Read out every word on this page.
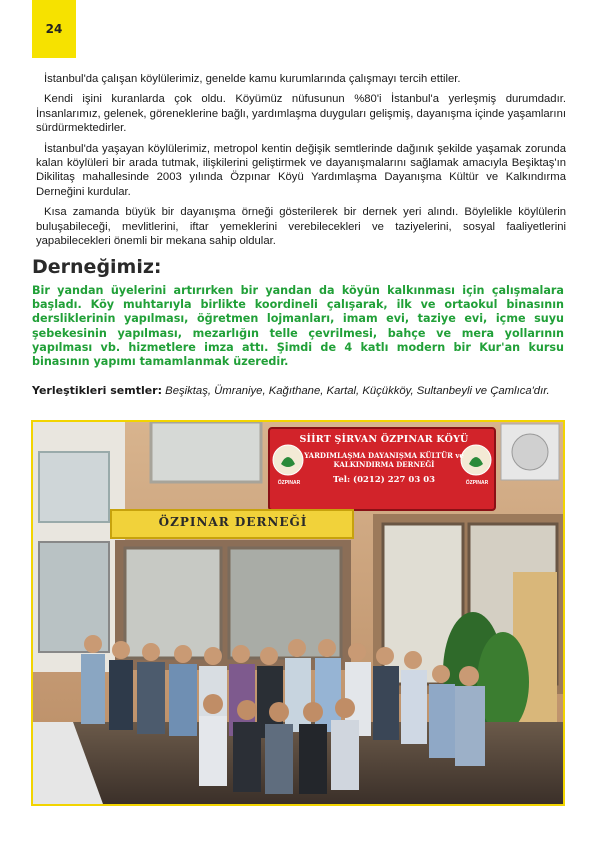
24

İstanbul'da çalışan köylülerimiz, genelde kamu kurumlarında çalışmayı tercih ettiler.

Kendi işini kuranlarda çok oldu. Köyümüz nüfusunun %80'i İstanbul'a yerleşmiş durumdadır. İnsanlarımız, gelenek, göreneklerine bağlı, yardımlaşma duyguları gelişmiş, dayanışma içinde yaşamlarını sürdürmektedirler.

İstanbul'da yaşayan köylülerimiz, metropol kentin değişik semtlerinde dağınık şekilde yaşamak zorunda kalan köylüleri bir arada tutmak, ilişkilerini geliştirmek ve dayanışmalarını sağlamak amacıyla Beşiktaş'ın Dikilitaş mahallesinde 2003 yılında Özpınar Köyü Yardımlaşma Dayanışma Kültür ve Kalkındırma Derneğini kurdular.

Kısa zamanda büyük bir dayanışma örneği gösterilerek bir dernek yeri alındı. Böylelikle köylülerin buluşabileceği, mevlitlerini, iftar yemeklerini verebilecekleri ve taziyelerini, sosyal faaliyetlerini yapabilecekleri önemli bir mekana sahip oldular.

Derneğimiz:
Bir yandan üyelerini artırırken bir yandan da köyün kalkınması için çalışmalara başladı. Köy muhtarıyla birlikte koordineli çalışarak, ilk ve ortaokul binasının dersliklerinin yapılması, öğretmen lojmanları, imam evi, taziye evi, içme suyu şebekesinin yapılması, mezarlığın telle çevrilmesi, bahçe ve mera yollarının yapılması vb. hizmetlere imza attı. Şimdi de 4 katlı modern bir Kur'an kursu binasının yapımı tamamlanmak üzeredir.
Yerleştikleri semtler: Beşiktaş, Ümraniye, Kağıthane, Kartal, Küçükköy, Sultanbeyli ve Çamlıca'dır.
SİİRT ŞİRVAN ÖZPINAR KÖYÜ
YARDIMLAŞMA DAYANIŞMA KÜLTÜR ve
KALKINDIRMA DERNEĞİ
Tel: (0212) 227 03 03
ÖZPINAR	ÖZPINAR
ÖZPINAR DERNEĞİ
